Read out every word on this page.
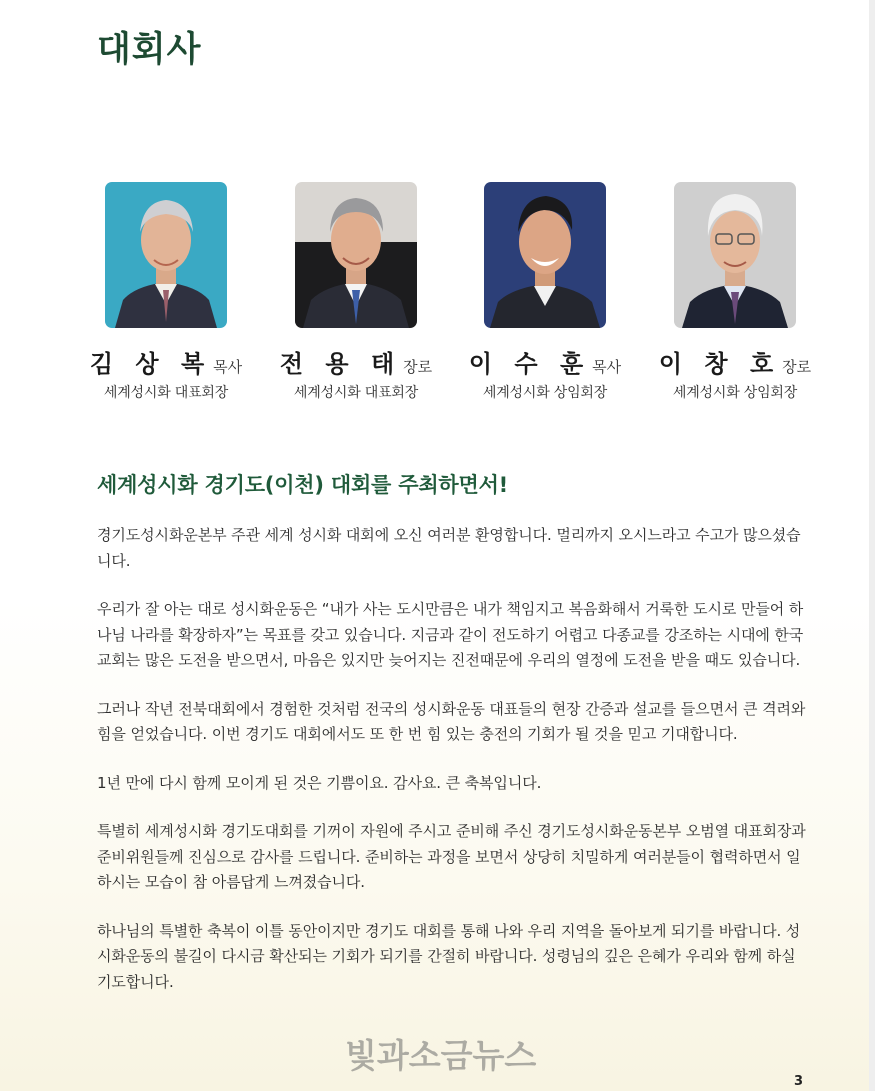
대회사
김 상 복 목사
세계성시화 대표회장
전 용 태 장로
세계성시화 대표회장
이 수 훈 목사
세계성시화 상임회장
이 창 호 장로
세계성시화 상임회장
세계성시화 경기도(이천) 대회를 주최하면서!

경기도성시화운본부 주관 세계 성시화 대회에 오신 여러분 환영합니다. 멀리까지 오시느라고 수고가 많으셨습니다.

우리가 잘 아는 대로 성시화운동은 “내가 사는 도시만큼은 내가 책임지고 복음화해서 거룩한 도시로 만들어 하나님 나라를 확장하자”는 목표를 갖고 있습니다. 지금과 같이 전도하기 어렵고 다종교를 강조하는 시대에 한국교회는 많은 도전을 받으면서, 마음은 있지만 늦어지는 진전때문에 우리의 열정에 도전을 받을 때도 있습니다.

그러나 작년 전북대회에서 경험한 것처럼 전국의 성시화운동 대표들의 현장 간증과 설교를 들으면서 큰 격려와 힘을 얻었습니다. 이번 경기도 대회에서도 또 한 번 힘 있는 충전의 기회가 될 것을 믿고 기대합니다.

1년 만에 다시 함께 모이게 된 것은 기쁨이요. 감사요. 큰 축복입니다.

특별히 세계성시화 경기도대회를 기꺼이 자원에 주시고 준비해 주신 경기도성시화운동본부 오범열 대표회장과 준비위원들께 진심으로 감사를 드립니다. 준비하는 과정을 보면서 상당히 치밀하게 여러분들이 협력하면서 일하시는 모습이 참 아름답게 느껴졌습니다.

하나님의 특별한 축복이 이틀 동안이지만 경기도 대회를 통해 나와 우리 지역을 돌아보게 되기를 바랍니다. 성시화운동의 불길이 다시금 확산되는 기회가 되기를 간절히 바랍니다. 성령님의 깊은 은혜가 우리와 함께 하실 기도합니다.

빛과소금뉴스
3
